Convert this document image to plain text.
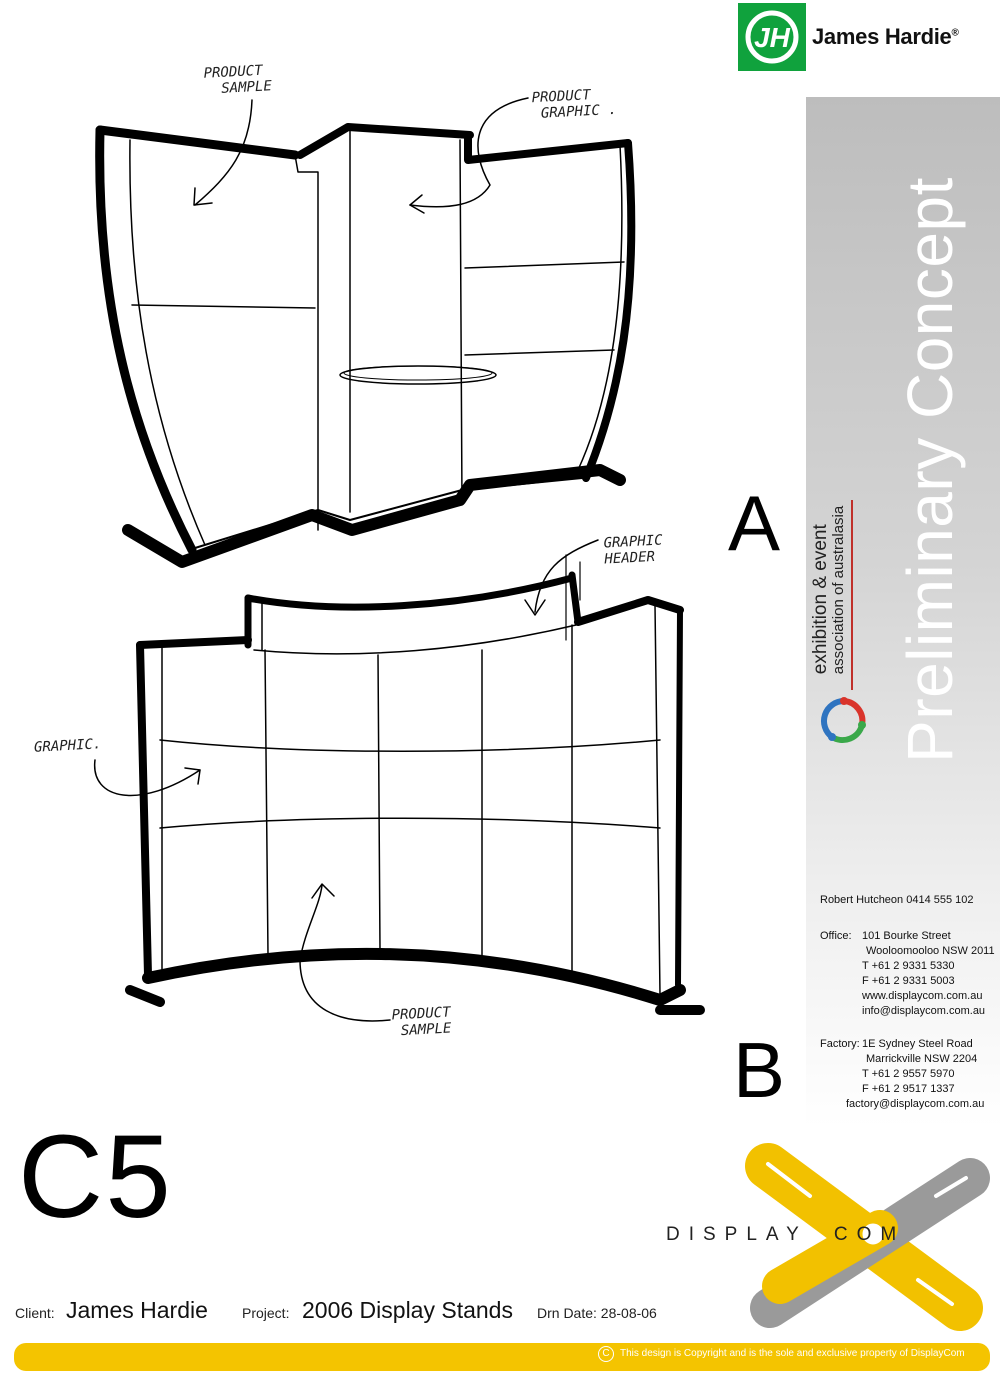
JH James Hardie®
Preliminary Concept
exhibition & event association of australasia
PRODUCT
SAMPLE	PRODUCT
GRAPHIC .
GRAPHIC
HEADER
GRAPHIC.
PRODUCT
SAMPLE
A
B
Robert Hutcheon 0414 555 102
Office: 101 Bourke Street
Wooloomooloo NSW 2011
T +61 2 9331 5330
F +61 2 9331 5003
www.displaycom.com.au
info@displaycom.com.au
Factory: 1E Sydney Steel Road
Marrickville NSW 2204
T +61 2 9557 5970
F +61 2 9517 1337
factory@displaycom.com.au
C5	DISPLAY COM
Client: James Hardie Project: 2006 Display Stands Drn Date: 28-08-06
C	This design is Copyright and is the sole and exclusive property of DisplayCom
